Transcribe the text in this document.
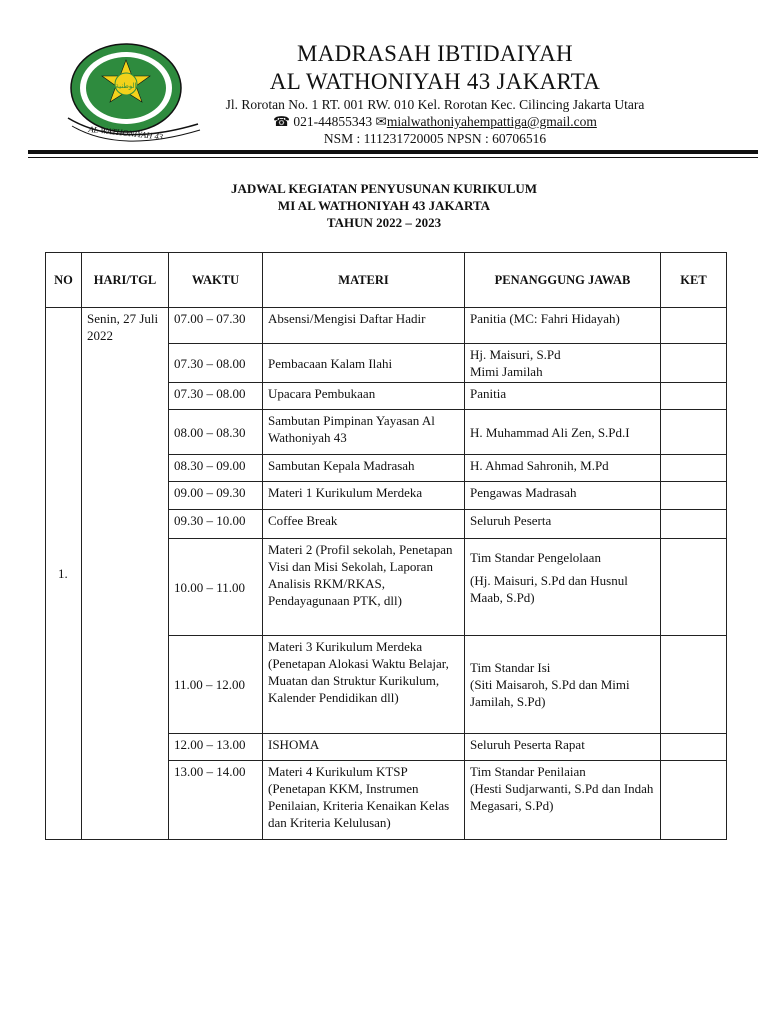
الوطنية
AL WATHONIYAH 43
MADRASAH IBTIDAIYAH
AL WATHONIYAH 43 JAKARTA
Jl. Rorotan No. 1 RT. 001 RW. 010 Kel. Rorotan Kec. Cilincing Jakarta Utara
☎ 021-44855343 ✉mialwathoniyahempattiga@gmail.com
NSM : 111231720005 NPSN : 60706516
JADWAL KEGIATAN PENYUSUNAN KURIKULUM
MI AL WATHONIYAH 43 JAKARTA
TAHUN 2022 – 2023
NO	HARI/TGL	WAKTU	MATERI	PENANGGUNG JAWAB	KET
1.	Senin, 27 Juli 2022	07.00 – 07.30	Absensi/Mengisi Daftar Hadir	Panitia (MC: Fahri Hidayah)	
		07.30 – 08.00	Pembacaan Kalam Ilahi	Hj. Maisuri, S.Pd
Mimi Jamilah	

		07.30 – 08.00	Upacara Pembukaan	Panitia	
		08.00 – 08.30	Sambutan Pimpinan Yayasan Al Wathoniyah 43	H. Muhammad Ali Zen, S.Pd.I	
		08.30 – 09.00	Sambutan Kepala Madrasah	H. Ahmad Sahronih, M.Pd	
		09.00 – 09.30	Materi 1 Kurikulum Merdeka	Pengawas Madrasah	
		09.30 – 10.00	Coffee Break	Seluruh Peserta	
		10.00 – 11.00	Materi 2 (Profil sekolah, Penetapan Visi dan Misi Sekolah, Laporan Analisis RKM/RKAS, Pendayagunaan PTK, dll)	Tim Standar Pengelolaan
(Hj. Maisuri, S.Pd dan Husnul Maab, S.Pd)	

		11.00 – 12.00	Materi 3 Kurikulum Merdeka (Penetapan Alokasi Waktu Belajar, Muatan dan Struktur Kurikulum, Kalender Pendidikan dll)	Tim Standar Isi
(Siti Maisaroh, S.Pd dan Mimi Jamilah, S.Pd)	

		12.00 – 13.00	ISHOMA	Seluruh Peserta Rapat	
		13.00 – 14.00	Materi 4 Kurikulum KTSP (Penetapan KKM, Instrumen Penilaian, Kriteria Kenaikan Kelas dan Kriteria Kelulusan)	Tim Standar Penilaian
(Hesti Sudjarwanti, S.Pd dan Indah Megasari, S.Pd)	
